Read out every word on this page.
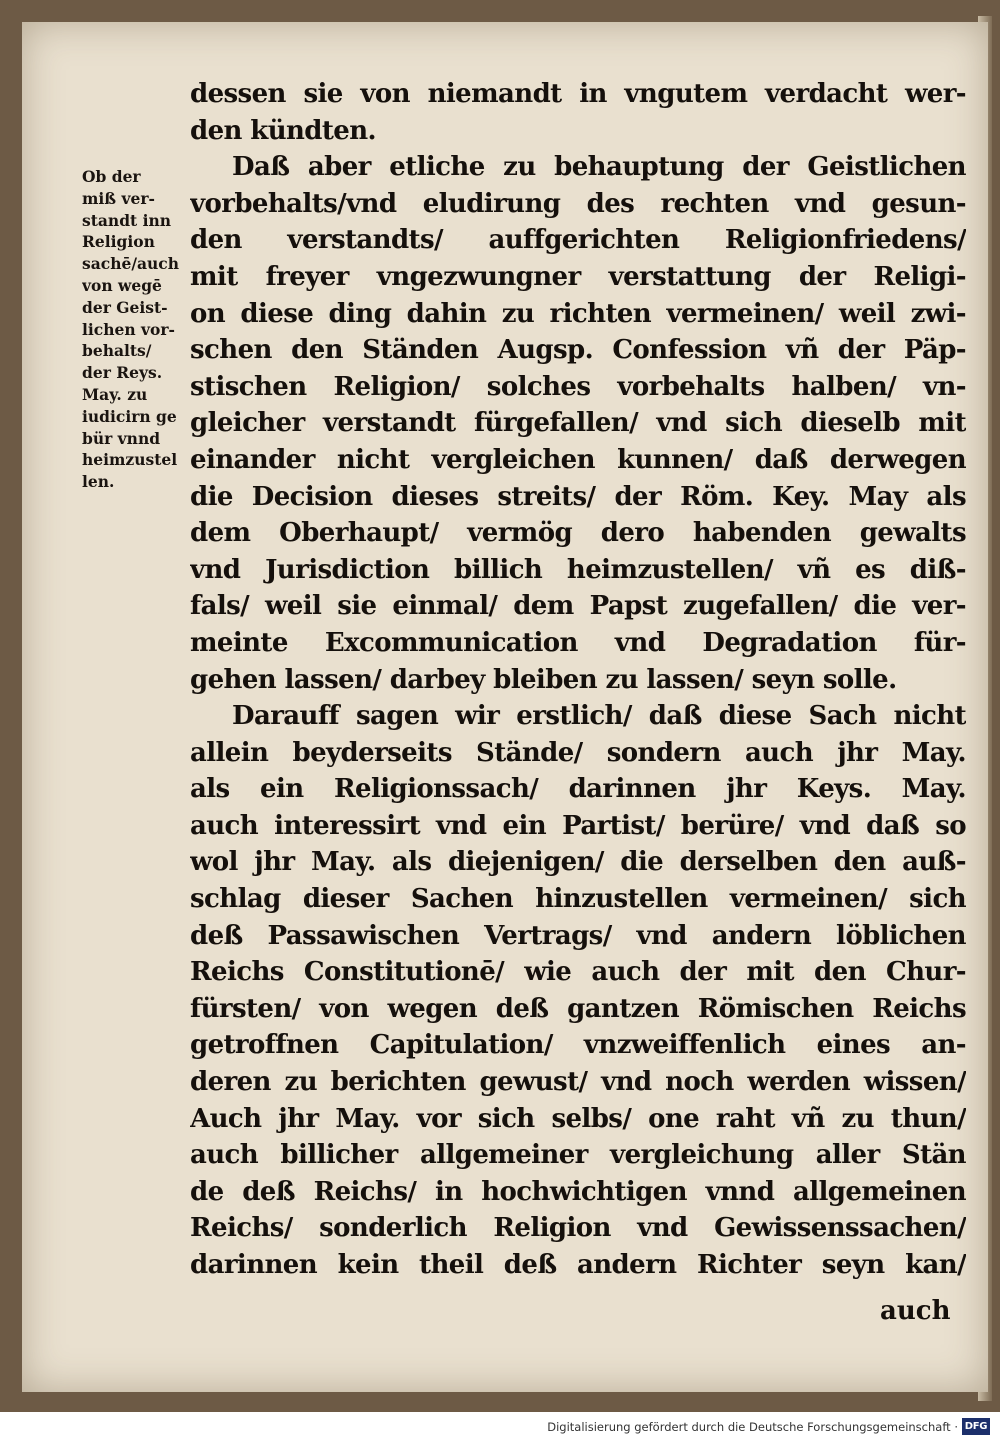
Ob der
miß ver-
standt inn
Religion
sachē/auch
von wegē
der Geist-
lichen vor-
behalts/
der Reys.
May. zu
iudicirn ge
bür vnnd
heimzustel
len.
dessen sie von niemandt in vngutem verdacht wer-
den kündten.
Daß aber etliche zu behauptung der Geistlichen
vorbehalts/vnd eludirung des rechten vnd gesun-
den verstandts/ auffgerichten Religionfriedens/
mit freyer vngezwungner verstattung der Religi-
on diese ding dahin zu richten vermeinen/ weil zwi-
schen den Ständen Augsp. Confession vñ der Päp-
stischen Religion/ solches vorbehalts halben/ vn-
gleicher verstandt fürgefallen/ vnd sich dieselb mit
einander nicht vergleichen kunnen/ daß derwegen
die Decision dieses streits/ der Röm. Key. May als
dem Oberhaupt/ vermög dero habenden gewalts
vnd Jurisdiction billich heimzustellen/ vñ es diß-
fals/ weil sie einmal/ dem Papst zugefallen/ die ver-
meinte Excommunication vnd Degradation für-
gehen lassen/ darbey bleiben zu lassen/ seyn solle.
Darauff sagen wir erstlich/ daß diese Sach nicht
allein beyderseits Stände/ sondern auch jhr May.
als ein Religionssach/ darinnen jhr Keys. May.
auch interessirt vnd ein Partist/ berüre/ vnd daß so
wol jhr May. als diejenigen/ die derselben den auß-
schlag dieser Sachen hinzustellen vermeinen/ sich
deß Passawischen Vertrags/ vnd andern löblichen
Reichs Constitutionē/ wie auch der mit den Chur-
fürsten/ von wegen deß gantzen Römischen Reichs
getroffnen Capitulation/ vnzweiffenlich eines an-
deren zu berichten gewust/ vnd noch werden wissen/
Auch jhr May. vor sich selbs/ one raht vñ zu thun/
auch billicher allgemeiner vergleichung aller Stän
de deß Reichs/ in hochwichtigen vnnd allgemeinen
Reichs/ sonderlich Religion vnd Gewissenssachen/
darinnen kein theil deß andern Richter seyn kan/
auch
Digitalisierung gefördert durch die Deutsche Forschungsgemeinschaft · DFG
